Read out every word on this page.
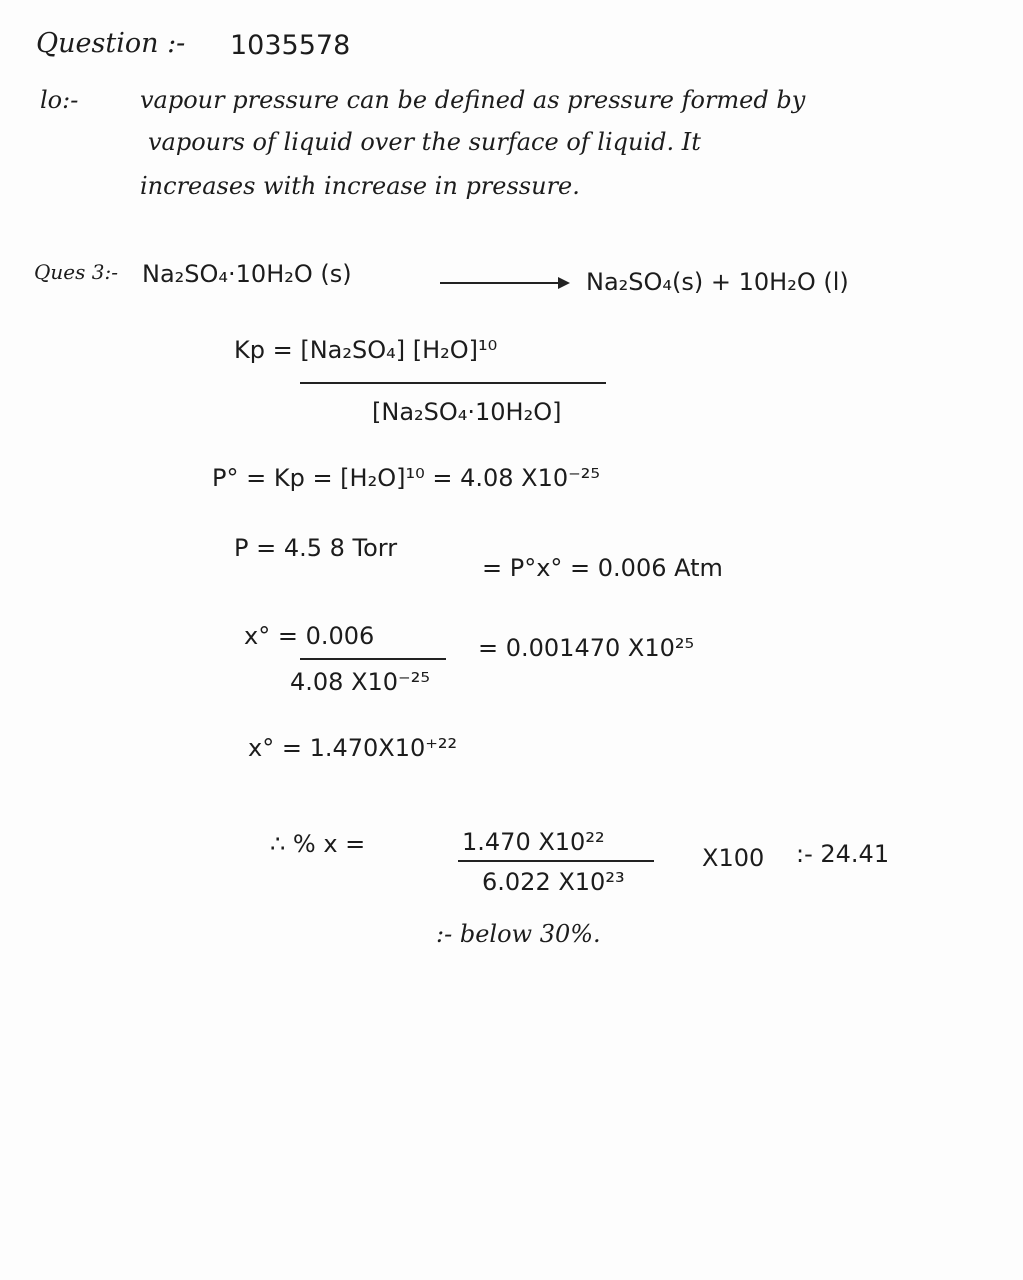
Question :- 1035578
lo:-	vapour pressure can be defined as pressure formed by
vapours of liquid over the surface of liquid. It
increases with increase in pressure.
Ques 3:- Na₂SO₄·10H₂O (s)	Na₂SO₄(s) + 10H₂O (l)
Kp = [Na₂SO₄] [H₂O]¹⁰
[Na₂SO₄·10H₂O]
P° = Kp = [H₂O]¹⁰ = 4.08 X10⁻²⁵
P = 4.5 8 Torr
= P°x° = 0.006 Atm
x° = 0.006
4.08 X10⁻²⁵
= 0.001470 X10²⁵
x° = 1.470X10⁺²²
∴ % x =	1.470 X10²²
6.022 X10²³
X100 :- 24.41
:- below 30%.
